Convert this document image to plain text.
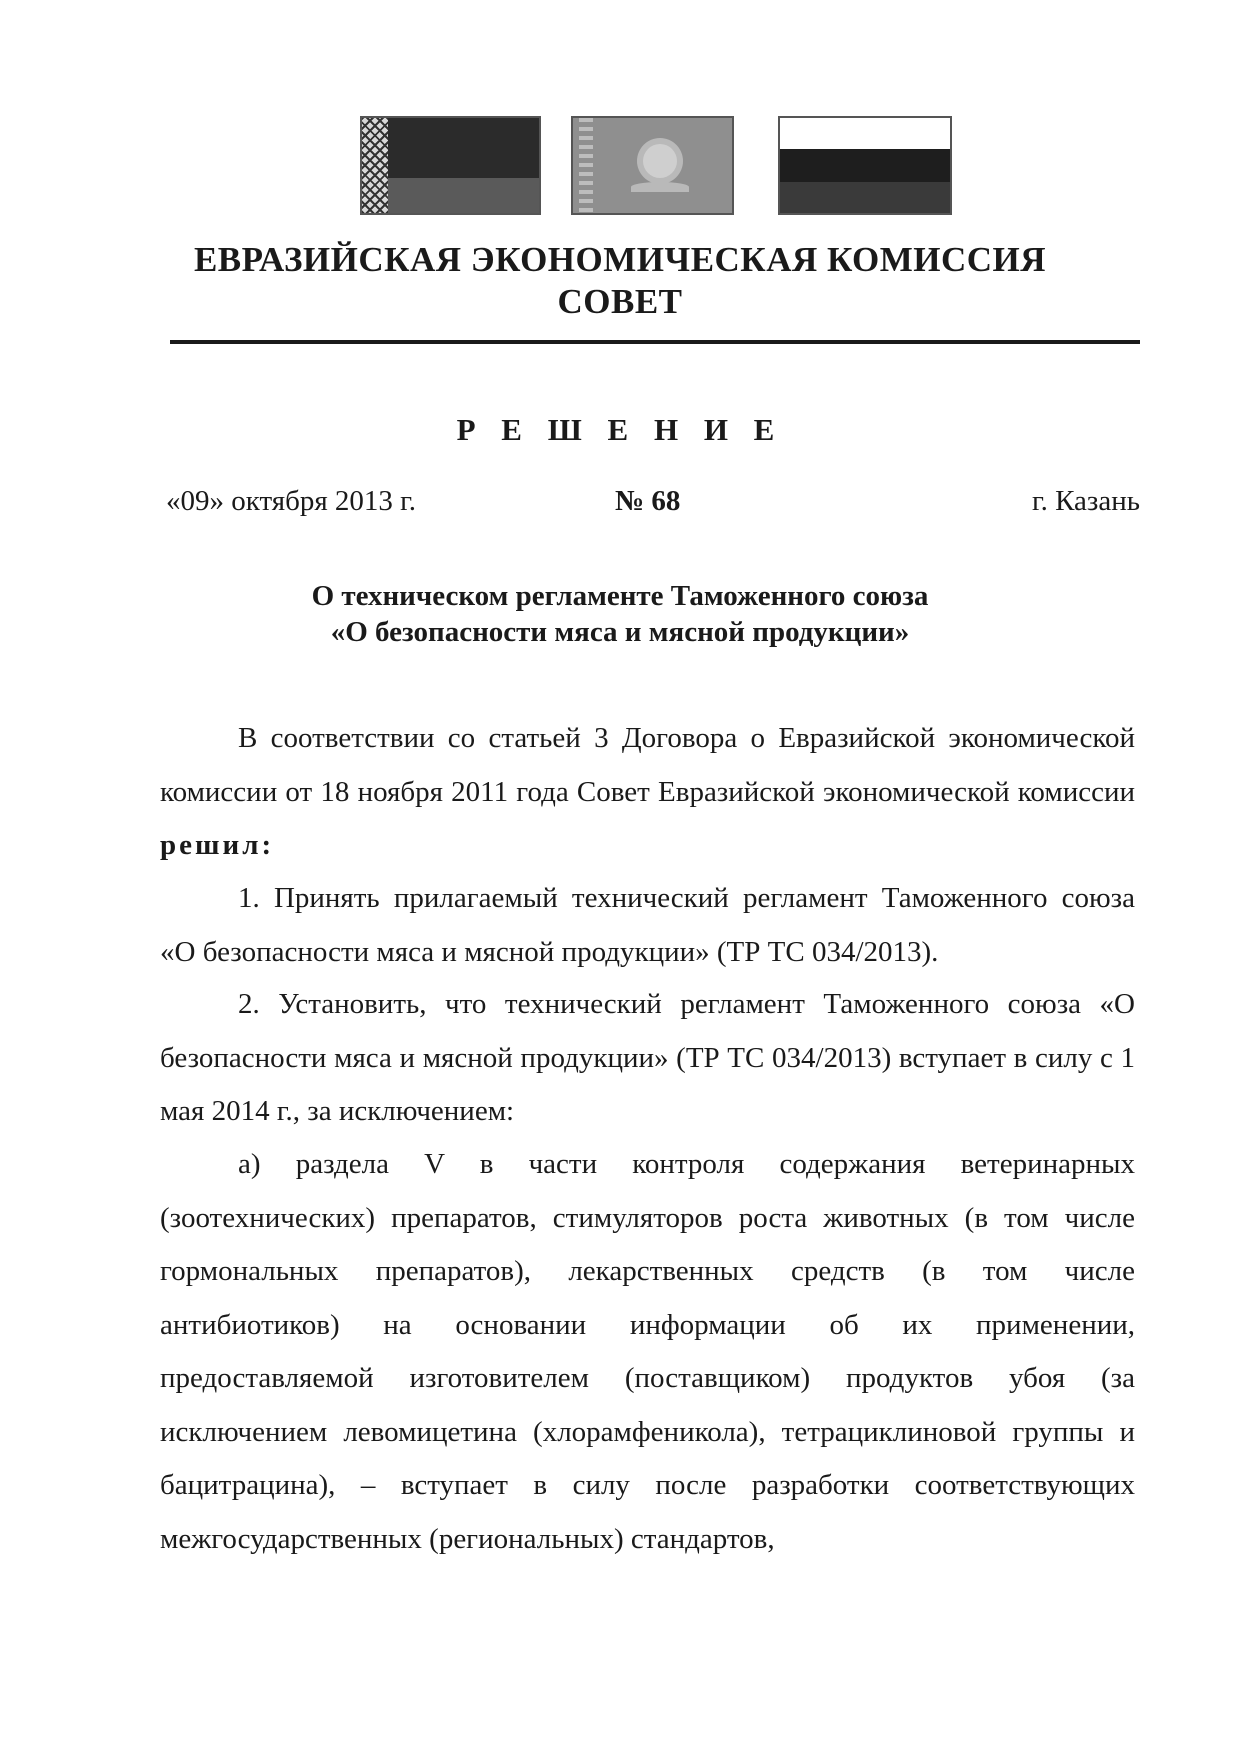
ЕВРАЗИЙСКАЯ ЭКОНОМИЧЕСКАЯ КОМИССИЯ
СОВЕТ
Р Е Ш Е Н И Е

«09» октября 2013 г.	№ 68	г. Казань

О техническом регламенте Таможенного союза
«О безопасности мяса и мясной продукции»

В соответствии со статьей 3 Договора о Евразийской экономической комиссии от 18 ноября 2011 года Совет Евразийской экономической комиссии решил:

1. Принять прилагаемый технический регламент Таможенного союза «О безопасности мяса и мясной продукции» (ТР ТС 034/2013).

2. Установить, что технический регламент Таможенного союза «О безопасности мяса и мясной продукции» (ТР ТС 034/2013) вступает в силу с 1 мая 2014 г., за исключением:

а) раздела V в части контроля содержания ветеринарных (зоотехнических) препаратов, стимуляторов роста животных (в том числе гормональных препаратов), лекарственных средств (в том числе антибиотиков) на основании информации об их применении, предоставляемой изготовителем (поставщиком) продуктов убоя (за исключением левомицетина (хлорамфеникола), тетрациклиновой группы и бацитрацина), – вступает в силу после разработки соответствующих межгосударственных (региональных) стандартов,
